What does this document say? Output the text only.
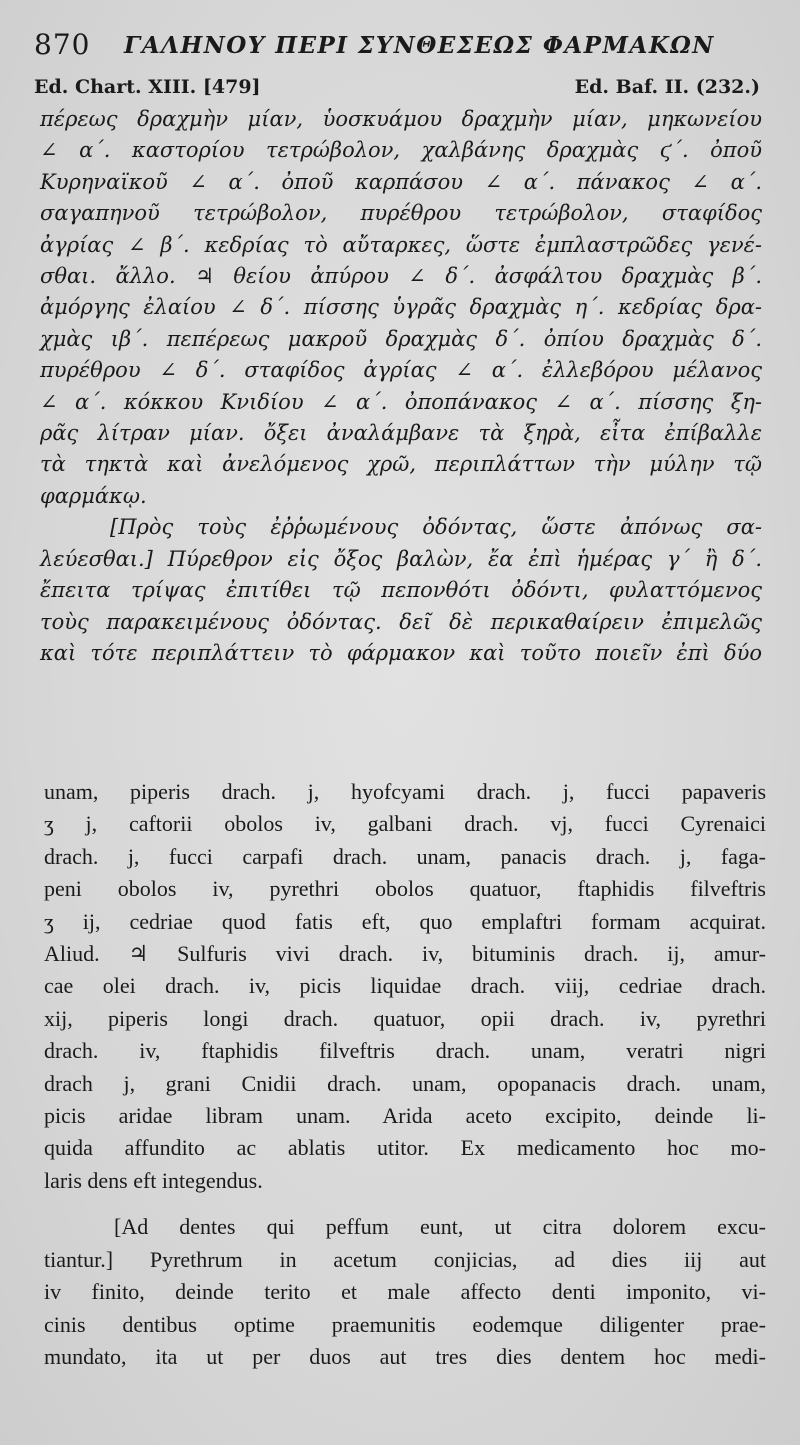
870 ΓΑΛΗΝΟΥ ΠΕΡΙ ΣΥΝΘΕΣΕΩΣ ΦΑΡΜΑΚΩΝ
Ed. Chart. XIII. [479]	Ed. Baf. II. (232.)
πέρεως δραχμὴν μίαν, ὑοσκυάμου δραχμὴν μίαν, μηκωνείου
∠ α΄. καστορίου τετρώβολον, χαλβάνης δραχμὰς ϛ΄. ὀποῦ
Κυρηναϊκοῦ ∠ α΄. ὀποῦ καρπάσου ∠ α΄. πάνακος ∠ α΄.
σαγαπηνοῦ τετρώβολον, πυρέθρου τετρώβολον, σταφίδος
ἀγρίας ∠ β΄. κεδρίας τὸ αὔταρκες, ὥστε ἐμπλαστρῶδες γενέ-
σθαι. ἄλλο. ♃ θείου ἀπύρου ∠ δ΄. ἀσφάλτου δραχμὰς β΄.
ἀμόργης ἐλαίου ∠ δ΄. πίσσης ὑγρᾶς δραχμὰς η΄. κεδρίας δρα-
χμὰς ιβ΄. πεπέρεως μακροῦ δραχμὰς δ΄. ὀπίου δραχμὰς δ΄.
πυρέθρου ∠ δ΄. σταφίδος ἀγρίας ∠ α΄. ἐλλεβόρου μέλανος
∠ α΄. κόκκου Κνιδίου ∠ α΄. ὀποπάνακος ∠ α΄. πίσσης ξη-
ρᾶς λίτραν μίαν. ὄξει ἀναλάμβανε τὰ ξηρὰ, εἶτα ἐπίβαλλε
τὰ τηκτὰ καὶ ἀνελόμενος χρῶ, περιπλάττων τὴν μύλην τῷ
φαρμάκῳ.
[Πρὸς τοὺς ἐῤῥωμένους ὀδόντας, ὥστε ἀπόνως σα-
λεύεσθαι.] Πύρεθρον εἰς ὄξος βαλὼν, ἔα ἐπὶ ἡμέρας γ΄ ἢ δ΄.
ἔπειτα τρίψας ἐπιτίθει τῷ πεπονθότι ὀδόντι, φυλαττόμενος
τοὺς παρακειμένους ὀδόντας. δεῖ δὲ περικαθαίρειν ἐπιμελῶς
καὶ τότε περιπλάττειν τὸ φάρμακον καὶ τοῦτο ποιεῖν ἐπὶ δύο
unam, piperis drach. j, hyofcyami drach. j, fucci papaveris
ʒ j, caftorii obolos iv, galbani drach. vj, fucci Cyrenaici
drach. j, fucci carpafi drach. unam, panacis drach. j, faga-
peni obolos iv, pyrethri obolos quatuor, ftaphidis filveftris
ʒ ij, cedriae quod fatis eft, quo emplaftri formam acquirat.
Aliud. ♃ Sulfuris vivi drach. iv, bituminis drach. ij, amur-
cae olei drach. iv, picis liquidae drach. viij, cedriae drach.
xij, piperis longi drach. quatuor, opii drach. iv, pyrethri
drach. iv, ftaphidis filveftris drach. unam, veratri nigri
drach j, grani Cnidii drach. unam, opopanacis drach. unam,
picis aridae libram unam. Arida aceto excipito, deinde li-
quida affundito ac ablatis utitor. Ex medicamento hoc mo-
laris dens eft integendus.
[Ad dentes qui peffum eunt, ut citra dolorem excu-
tiantur.] Pyrethrum in acetum conjicias, ad dies iij aut
iv finito, deinde terito et male affecto denti imponito, vi-
cinis dentibus optime praemunitis eodemque diligenter prae-
mundato, ita ut per duos aut tres dies dentem hoc medi-
